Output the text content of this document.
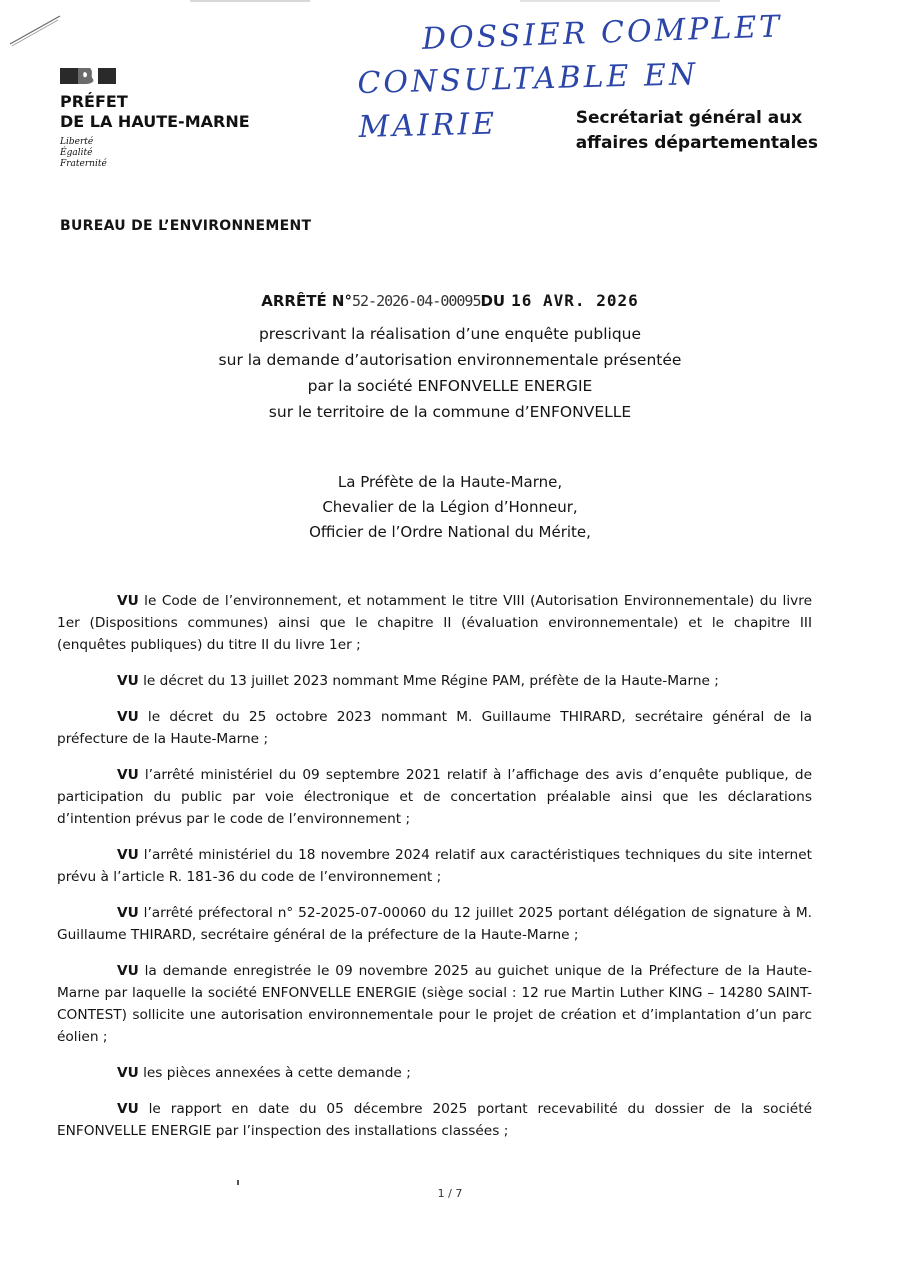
DOSSIER COMPLET
CONSULTABLE EN MAIRIE
PRÉFET
DE LA HAUTE-MARNE
Liberté
Égalité
Fraternité
Secrétariat général aux
affaires départementales
BUREAU DE L’ENVIRONNEMENT
ARRÊTÉ N°52-2026-04-00095DU 16 AVR. 2026
prescrivant la réalisation d’une enquête publique
sur la demande d’autorisation environnementale présentée
par la société ENFONVELLE ENERGIE
sur le territoire de la commune d’ENFONVELLE
La Préfète de la Haute-Marne,
Chevalier de la Légion d’Honneur,
Officier de l’Ordre National du Mérite,

VU le Code de l’environnement, et notamment le titre VIII (Autorisation Environnementale) du livre 1er (Dispositions communes) ainsi que le chapitre II (évaluation environnementale) et le chapitre III (enquêtes publiques) du titre II du livre 1er ;

VU le décret du 13 juillet 2023 nommant Mme Régine PAM, préfète de la Haute-Marne ;

VU le décret du 25 octobre 2023 nommant M. Guillaume THIRARD, secrétaire général de la préfecture de la Haute-Marne ;

VU l’arrêté ministériel du 09 septembre 2021 relatif à l’affichage des avis d’enquête publique, de participation du public par voie électronique et de concertation préalable ainsi que les déclarations d’intention prévus par le code de l’environnement ;

VU l’arrêté ministériel du 18 novembre 2024 relatif aux caractéristiques techniques du site internet prévu à l’article R. 181-36 du code de l’environnement ;

VU l’arrêté préfectoral n° 52-2025-07-00060 du 12 juillet 2025 portant délégation de signature à M. Guillaume THIRARD, secrétaire général de la préfecture de la Haute-Marne ;

VU la demande enregistrée le 09 novembre 2025 au guichet unique de la Préfecture de la Haute-Marne par laquelle la société ENFONVELLE ENERGIE (siège social : 12 rue Martin Luther KING – 14280 SAINT-CONTEST) sollicite une autorisation environnementale pour le projet de création et d’implantation d’un parc éolien ;

VU les pièces annexées à cette demande ;

VU le rapport en date du 05 décembre 2025 portant recevabilité du dossier de la société ENFONVELLE ENERGIE par l’inspection des installations classées ;

1 / 7
